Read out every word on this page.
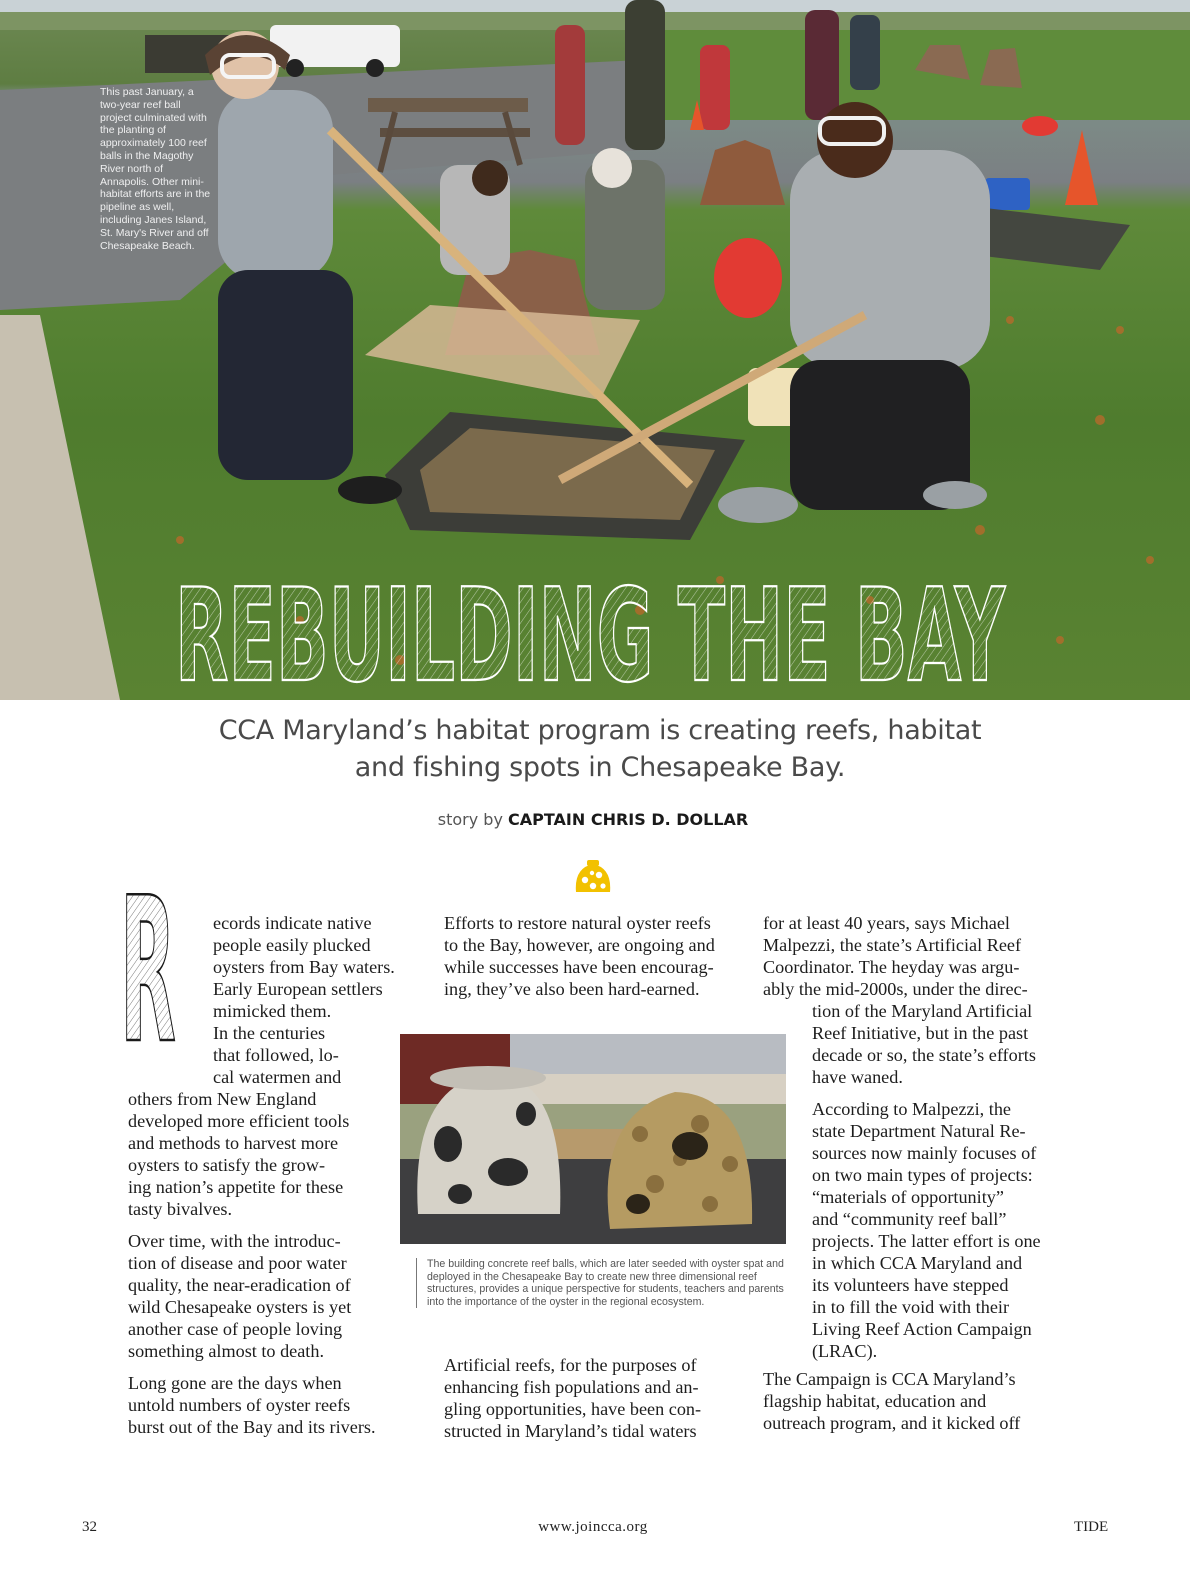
This past January, a two-year reef ball project culminated with the planting of approximately 100 reef balls in the Magothy River north of Annapolis. Other mini-habitat efforts are in the pipeline as well, including Janes Island, St. Mary's River and off Chesapeake Beach.
REBUILDING THE BAY
CCA Maryland’s habitat program is creating reefs, habitat
and fishing spots in Chesapeake Bay.
story by CAPTAIN CHRIS D. DOLLAR
R ecords indicate native

people easily plucked

oysters from Bay waters.

Early European settlers

mimicked them.

In the centuries

that followed, lo-

cal watermen and

others from New England

developed more efficient tools

and methods to harvest more

oysters to satisfy the grow-

ing nation’s appetite for these

tasty bivalves.

Over time, with the introduc-

tion of disease and poor water

quality, the near-eradication of

wild Chesapeake oysters is yet

another case of people loving

something almost to death.

Long gone are the days when

untold numbers of oyster reefs

burst out of the Bay and its rivers.

Efforts to restore natural oyster reefs

to the Bay, however, are ongoing and

while successes have been encourag-

ing, they’ve also been hard-earned.

The building concrete reef balls, which are later seeded with oyster spat and deployed in the Chesapeake Bay to create new three dimensional reef structures, provides a unique perspective for students, teachers and parents into the importance of the oyster in the regional ecosystem.

Artificial reefs, for the purposes of

enhancing fish populations and an-

gling opportunities, have been con-

structed in Maryland’s tidal waters

for at least 40 years, says Michael

Malpezzi, the state’s Artificial Reef

Coordinator. The heyday was argu-

ably the mid-2000s, under the direc-

tion of the Maryland Artificial

Reef Initiative, but in the past

decade or so, the state’s efforts

have waned.

According to Malpezzi, the

state Department Natural Re-

sources now mainly focuses of

on two main types of projects:

“materials of opportunity”

and “community reef ball”

projects. The latter effort is one

in which CCA Maryland and

its volunteers have stepped

in to fill the void with their

Living Reef Action Campaign

(LRAC).

The Campaign is CCA Maryland’s

flagship habitat, education and

outreach program, and it kicked off

32	www.joincca.org	TIDE
